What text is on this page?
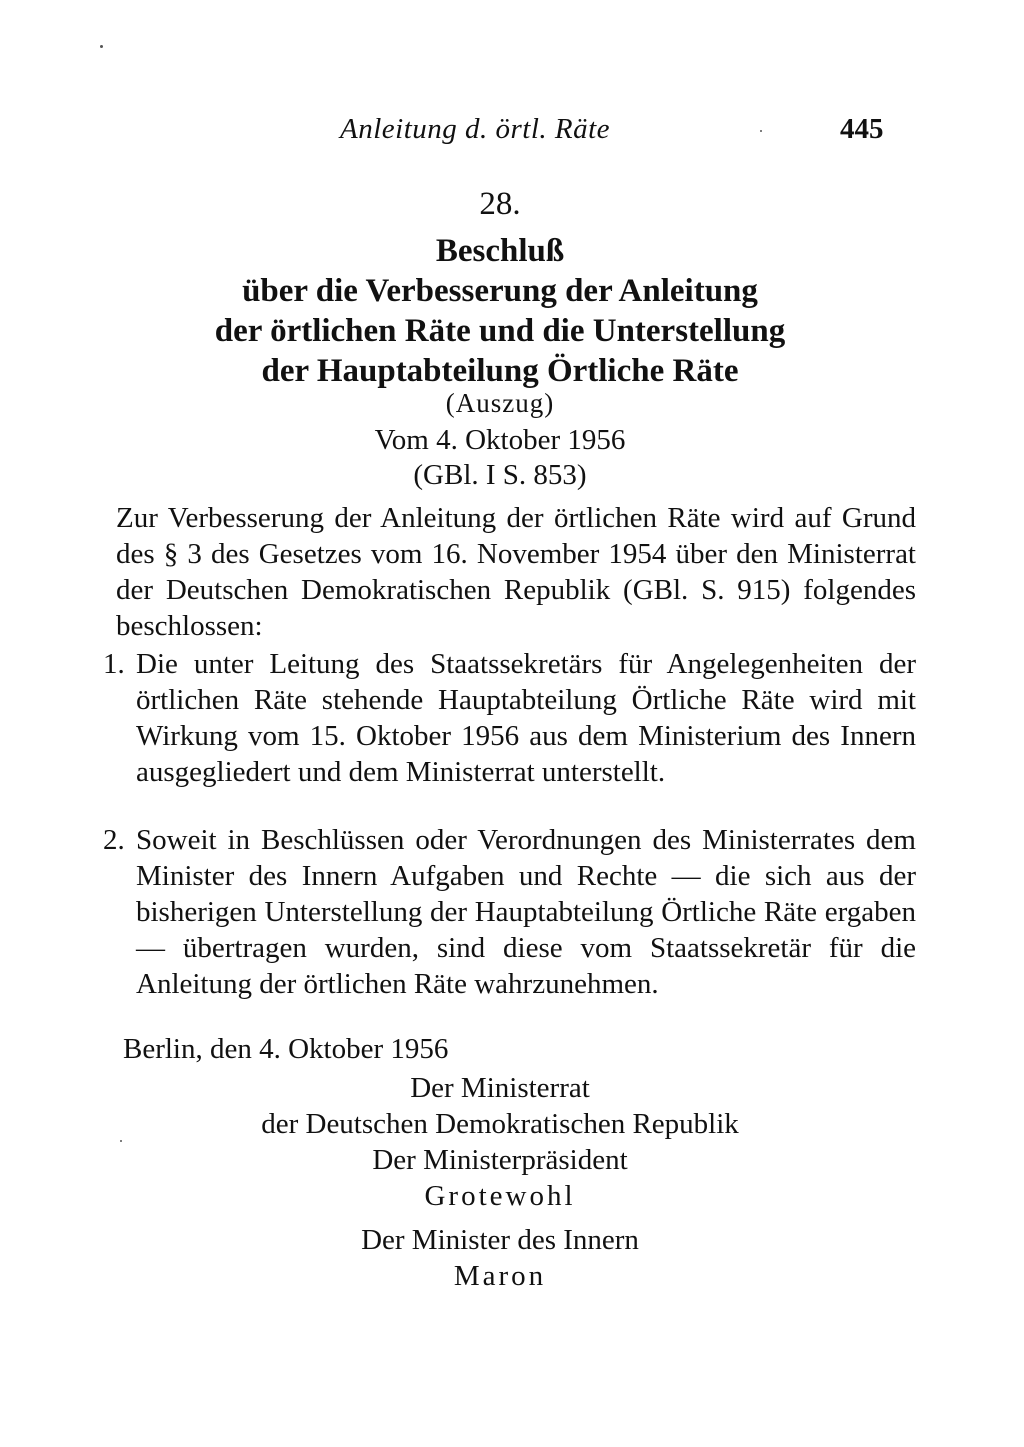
Anleitung d. örtl. Räte	445
28.
Beschluß
über die Verbesserung der Anleitung
der örtlichen Räte und die Unterstellung
der Hauptabteilung Örtliche Räte
(Auszug)
Vom 4. Oktober 1956
(GBl. I S. 853)
Zur Verbesserung der Anleitung der örtlichen Räte wird auf Grund des § 3 des Gesetzes vom 16. November 1954 über den Ministerrat der Deutschen Demokratischen Republik (GBl. S. 915) folgendes beschlossen:
1. Die unter Leitung des Staatssekretärs für Angelegenheiten der örtlichen Räte stehende Hauptabteilung Örtliche Räte wird mit Wirkung vom 15. Oktober 1956 aus dem Ministerium des Innern ausgegliedert und dem Ministerrat unterstellt.
2. Soweit in Beschlüssen oder Verordnungen des Ministerrates dem Minister des Innern Aufgaben und Rechte — die sich aus der bisherigen Unterstellung der Hauptabteilung Örtliche Räte ergaben — übertragen wurden, sind diese vom Staatssekretär für die Anleitung der örtlichen Räte wahrzunehmen.
Berlin, den 4. Oktober 1956
Der Ministerrat
der Deutschen Demokratischen Republik
Der Ministerpräsident
Grotewohl
Der Minister des Innern
Maron
